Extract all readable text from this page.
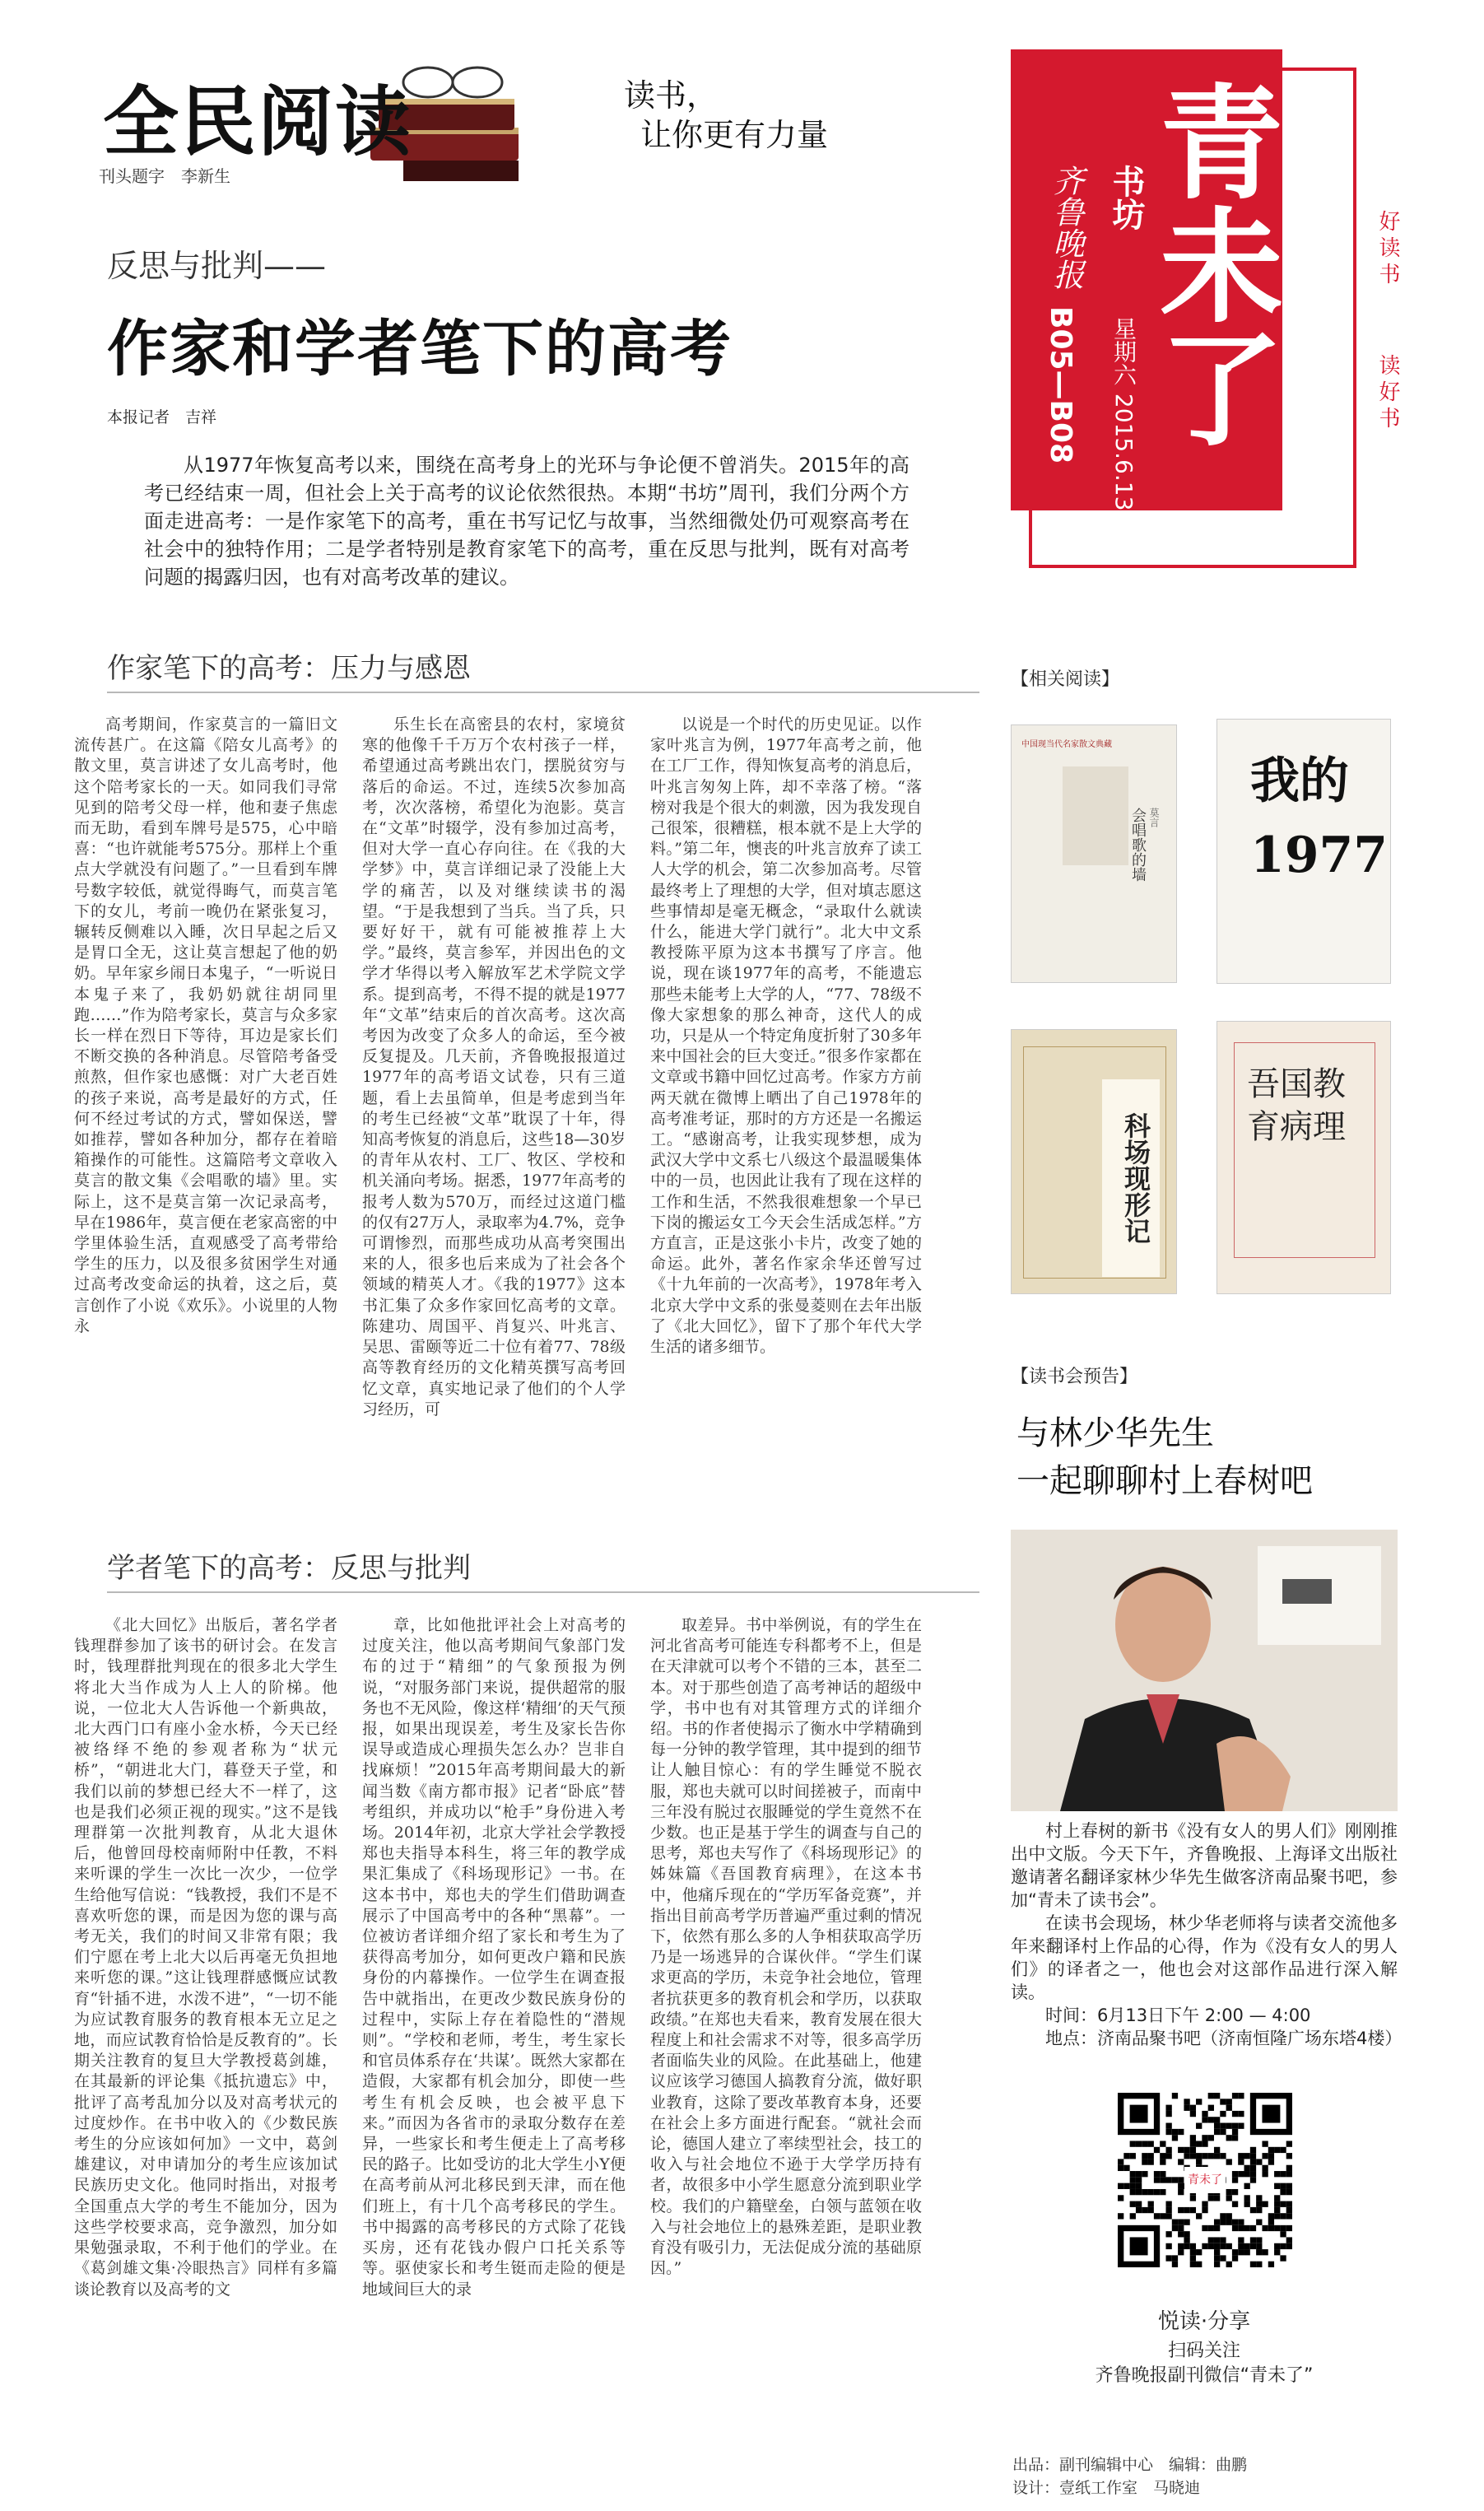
全民阅读	读书，
让你更有力量
刊头题字　李新生	青未了
书坊
齐鲁晚报
星期六 2015.6.13
B05—B08
好读书
读好书
反思与批判——
作家和学者笔下的高考
本报记者　吉祥
从1977年恢复高考以来，围绕在高考身上的光环与争论便不曾消失。2015年的高考已经结束一周，但社会上关于高考的议论依然很热。本期“书坊”周刊，我们分两个方面走进高考：一是作家笔下的高考，重在书写记忆与故事，当然细微处仍可观察高考在社会中的独特作用；二是学者特别是教育家笔下的高考，重在反思与批判，既有对高考问题的揭露归因，也有对高考改革的建议。
作家笔下的高考：压力与感恩
高考期间，作家莫言的一篇旧文流传甚广。在这篇《陪女儿高考》的散文里，莫言讲述了女儿高考时，他这个陪考家长的一天。如同我们寻常见到的陪考父母一样，他和妻子焦虑而无助，看到车牌号是575，心中暗喜：“也许就能考575分。那样上个重点大学就没有问题了。”一旦看到车牌号数字较低，就觉得晦气，而莫言笔下的女儿，考前一晚仍在紧张复习，辗转反侧难以入睡，次日早起之后又是胃口全无，这让莫言想起了他的奶奶。早年家乡闹日本鬼子，“一听说日本鬼子来了，我奶奶就往胡同里跑……”作为陪考家长，莫言与众多家长一样在烈日下等待，耳边是家长们不断交换的各种消息。尽管陪考备受煎熬，但作家也感慨：对广大老百姓的孩子来说，高考是最好的方式，任何不经过考试的方式，譬如保送，譬如推荐，譬如各种加分，都存在着暗箱操作的可能性。这篇陪考文章收入莫言的散文集《会唱歌的墙》里。实际上，这不是莫言第一次记录高考，早在1986年，莫言便在老家高密的中学里体验生活，直观感受了高考带给学生的压力，以及很多贫困学生对通过高考改变命运的执着，这之后，莫言创作了小说《欢乐》。小说里的人物永
乐生长在高密县的农村，家境贫寒的他像千千万万个农村孩子一样，希望通过高考跳出农门，摆脱贫穷与落后的命运。不过，连续5次参加高考，次次落榜，希望化为泡影。莫言在“文革”时辍学，没有参加过高考，但对大学一直心存向往。在《我的大学梦》中，莫言详细记录了没能上大学的痛苦，以及对继续读书的渴望。“于是我想到了当兵。当了兵，只要好好干，就有可能被推荐上大学。”最终，莫言参军，并因出色的文学才华得以考入解放军艺术学院文学系。提到高考，不得不提的就是1977年“文革”结束后的首次高考。这次高考因为改变了众多人的命运，至今被反复提及。几天前，齐鲁晚报报道过1977年的高考语文试卷，只有三道题，看上去虽简单，但是考虑到当年的考生已经被“文革”耽误了十年，得知高考恢复的消息后，这些18—30岁的青年从农村、工厂、牧区、学校和机关涌向考场。据悉，1977年高考的报考人数为570万，而经过这道门槛的仅有27万人，录取率为4.7%，竞争可谓惨烈，而那些成功从高考突围出来的人，很多也后来成为了社会各个领域的精英人才。《我的1977》这本书汇集了众多作家回忆高考的文章。陈建功、周国平、肖复兴、叶兆言、吴思、雷颐等近二十位有着77、78级高等教育经历的文化精英撰写高考回忆文章，真实地记录了他们的个人学习经历，可
以说是一个时代的历史见证。以作家叶兆言为例，1977年高考之前，他在工厂工作，得知恢复高考的消息后，叶兆言匆匆上阵，却不幸落了榜。“落榜对我是个很大的刺激，因为我发现自己很笨，很糟糕，根本就不是上大学的料。”第二年，懊丧的叶兆言放弃了读工人大学的机会，第二次参加高考。尽管最终考上了理想的大学，但对填志愿这些事情却是毫无概念，“录取什么就读什么，能进大学门就行”。北大中文系教授陈平原为这本书撰写了序言。他说，现在谈1977年的高考，不能遗忘那些未能考上大学的人，“77、78级不像大家想象的那么神奇，这代人的成功，只是从一个特定角度折射了30多年来中国社会的巨大变迁。”很多作家都在文章或书籍中回忆过高考。作家方方前两天就在微博上晒出了自己1978年的高考准考证，那时的方方还是一名搬运工。“感谢高考，让我实现梦想，成为武汉大学中文系七八级这个最温暖集体中的一员，也因此让我有了现在这样的工作和生活，不然我很难想象一个早已下岗的搬运女工今天会生活成怎样。”方方直言，正是这张小卡片，改变了她的命运。此外，著名作家余华还曾写过《十九年前的一次高考》，1978年考入北京大学中文系的张曼菱则在去年出版了《北大回忆》，留下了那个年代大学生活的诸多细节。
学者笔下的高考：反思与批判
《北大回忆》出版后，著名学者钱理群参加了该书的研讨会。在发言时，钱理群批判现在的很多北大学生将北大当作成为人上人的阶梯。他说，一位北大人告诉他一个新典故，北大西门口有座小金水桥，今天已经被络绎不绝的参观者称为“状元桥”，“朝进北大门，暮登天子堂，和我们以前的梦想已经大不一样了，这也是我们必须正视的现实。”这不是钱理群第一次批判教育，从北大退休后，他曾回母校南师附中任教，不料来听课的学生一次比一次少，一位学生给他写信说：“钱教授，我们不是不喜欢听您的课，而是因为您的课与高考无关，我们的时间又非常有限；我们宁愿在考上北大以后再毫无负担地来听您的课。”这让钱理群感慨应试教育“针插不进，水泼不进”，“一切不能为应试教育服务的教育根本无立足之地，而应试教育恰恰是反教育的”。长期关注教育的复旦大学教授葛剑雄，在其最新的评论集《抵抗遗忘》中，批评了高考乱加分以及对高考状元的过度炒作。在书中收入的《少数民族考生的分应该如何加》一文中，葛剑雄建议，对申请加分的考生应该加试民族历史文化。他同时指出，对报考全国重点大学的考生不能加分，因为这些学校要求高，竞争激烈，加分如果勉强录取，不利于他们的学业。在《葛剑雄文集·冷眼热言》同样有多篇谈论教育以及高考的文
章，比如他批评社会上对高考的过度关注，他以高考期间气象部门发布的过于“精细”的气象预报为例说，“对服务部门来说，提供超常的服务也不无风险，像这样‘精细’的天气预报，如果出现误差，考生及家长告你误导或造成心理损失怎么办？岂非自找麻烦！”2015年高考期间最大的新闻当数《南方都市报》记者“卧底”替考组织，并成功以“枪手”身份进入考场。2014年初，北京大学社会学教授郑也夫指导本科生，将三年的教学成果汇集成了《科场现形记》一书。在这本书中，郑也夫的学生们借助调查展示了中国高考中的各种“黑幕”。一位被访者详细介绍了家长和考生为了获得高考加分，如何更改户籍和民族身份的内幕操作。一位学生在调查报告中就指出，在更改少数民族身份的过程中，实际上存在着隐性的“潜规则”。“学校和老师，考生，考生家长和官员体系存在‘共谋’。既然大家都在造假，大家都有机会加分，即使一些考生有机会反映，也会被平息下来。”而因为各省市的录取分数存在差异，一些家长和考生便走上了高考移民的路子。比如受访的北大学生小Y便在高考前从河北移民到天津，而在他们班上，有十几个高考移民的学生。书中揭露的高考移民的方式除了花钱买房，还有花钱办假户口托关系等等。驱使家长和考生铤而走险的便是地域间巨大的录
取差异。书中举例说，有的学生在河北省高考可能连专科都考不上，但是在天津就可以考个不错的三本，甚至二本。对于那些创造了高考神话的超级中学，书中也有对其管理方式的详细介绍。书的作者使揭示了衡水中学精确到每一分钟的教学管理，其中提到的细节让人触目惊心：有的学生睡觉不脱衣服，郑也夫就可以时间搓被子，而南中三年没有脱过衣服睡觉的学生竟然不在少数。也正是基于学生的调查与自己的思考，郑也夫写作了《科场现形记》的姊妹篇《吾国教育病理》，在这本书中，他痛斥现在的“学历军备竞赛”，并指出目前高考学历普遍严重过剩的情况下，依然有那么多的人争相获取高学历乃是一场逃异的合谋伙伴。“学生们谋求更高的学历，未竞争社会地位，管理者抗获更多的教育机会和学历，以获取政绩。”在郑也夫看来，教育发展在很大程度上和社会需求不对等，很多高学历者面临失业的风险。在此基础上，他建议应该学习德国人搞教育分流，做好职业教育，这除了要改革教育本身，还要在社会上多方面进行配套。“就社会而论，德国人建立了率续型社会，技工的收入与社会地位不逊于大学学历持有者，故很多中小学生愿意分流到职业学校。我们的户籍壁垒，白领与蓝领在收入与社会地位上的悬殊差距，是职业教育没有吸引力，无法促成分流的基础原因。”
【相关阅读】
中国现当代名家散文典藏
会唱歌的墙 莫言
我的1977
科场现形记
吾国教育病理
【读书会预告】
与林少华先生
一起聊聊村上春树吧
村上春树的新书《没有女人的男人们》刚刚推出中文版。今天下午，齐鲁晚报、上海译文出版社邀请著名翻译家林少华先生做客济南品聚书吧，参加“青未了读书会”。
在读书会现场，林少华老师将与读者交流他多年来翻译村上作品的心得，作为《没有女人的男人们》的译者之一，他也会对这部作品进行深入解读。
时间：6月13日下午 2:00 — 4:00
地点：济南品聚书吧（济南恒隆广场东塔4楼）
青未了
悦读·分享
扫码关注
齐鲁晚报副刊微信“青未了”
出品：副刊编辑中心　编辑：曲鹏
设计：壹纸工作室　马晓迪
